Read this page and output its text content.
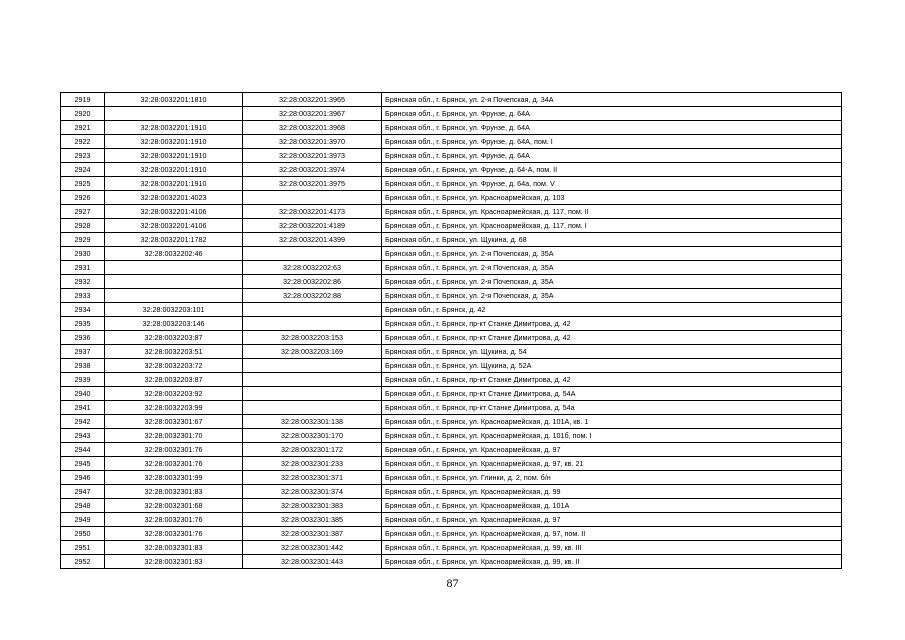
2919	32:28:0032201:1810	32:28:0032201:3965	Брянская обл., г. Брянск, ул. 2-я Почепская, д. 34А
2920		32:28:0032201:3967	Брянская обл., г. Брянск, ул. Фрунзе, д. 64А
2921	32:28:0032201:1910	32:28:0032201:3968	Брянская обл., г. Брянск, ул. Фрунзе, д. 64А
2922	32:28:0032201:1910	32:28:0032201:3970	Брянская обл., г. Брянск, ул. Фрунзе, д. 64А, пом. I
2923	32:28:0032201:1910	32:28:0032201:3973	Брянская обл., г. Брянск, ул. Фрунзе, д. 64А
2924	32:28:0032201:1910	32:28:0032201:3974	Брянская обл., г. Брянск, ул. Фрунзе, д. 64-А, пом. II
2925	32:28:0032201:1910	32:28:0032201:3975	Брянская обл., г. Брянск, ул. Фрунзе, д. 64а, пом. V
2926	32:28:0032201:4023		Брянская обл., г. Брянск, ул. Красноармейская, д. 103
2927	32:28:0032201:4106	32:28:0032201:4173	Брянская обл., г. Брянск, ул. Красноармейская, д. 117, пом. II
2928	32:28:0032201:4106	32:28:0032201:4189	Брянская обл., г. Брянск, ул. Красноармейская, д. 117, пом. I
2929	32:28:0032201:1782	32:28:0032201:4399	Брянская обл., г. Брянск, ул. Щукина, д. 68
2930	32:28:0032202:46		Брянская обл., г. Брянск, ул. 2-я Почепская, д. 35А
2931		32:28:0032202:63	Брянская обл., г. Брянск, ул. 2-я Почепская, д. 35А
2932		32:28:0032202:86	Брянская обл., г. Брянск, ул. 2-я Почепская, д. 35А
2933		32:28:0032202:88	Брянская обл., г. Брянск, ул. 2-я Почепская, д. 35А
2934	32:28:0032203:101		Брянская обл., г. Брянск, д. 42
2935	32:28:0032203:146		Брянская обл., г. Брянск, пр-кт Станке Димитрова, д. 42
2936	32:28:0032203:87	32:28:0032203:153	Брянская обл., г. Брянск, пр-кт Станке Димитрова, д. 42
2937	32:28:0032203:51	32:28:0032203:169	Брянская обл., г. Брянск, ул. Щукина, д. 54
2938	32:28:0032203:72		Брянская обл., г. Брянск, ул. Щукина, д. 52А
2939	32:28:0032203:87		Брянская обл., г. Брянск, пр-кт Станке Димитрова, д. 42
2940	32:28:0032203:92		Брянская обл., г. Брянск, пр-кт Станке Димитрова, д. 54А
2941	32:28:0032203:99		Брянская обл., г. Брянск, пр-кт Станке Димитрова, д. 54а
2942	32:28:0032301:67	32:28:0032301:138	Брянская обл., г. Брянск, ул. Красноармейская, д. 101А, кв. 1
2943	32:28:0032301:70	32:28:0032301:170	Брянская обл., г. Брянск, ул. Красноармейская, д. 101б, пом. I
2944	32:28:0032301:76	32:28:0032301:172	Брянская обл., г. Брянск, ул. Красноармейская, д. 97
2945	32:28:0032301:76	32:28:0032301:233	Брянская обл., г. Брянск, ул. Красноармейская, д. 97, кв. 21
2946	32:28:0032301:99	32:28:0032301:371	Брянская обл., г. Брянск, ул. Глинки, д. 2, пом. б/н
2947	32:28:0032301:83	32:28:0032301:374	Брянская обл., г. Брянск, ул. Красноармейская, д. 99
2948	32:28:0032301:68	32:28:0032301:383	Брянская обл., г. Брянск, ул. Красноармейская, д. 101А
2949	32:28:0032301:76	32:28:0032301:385	Брянская обл., г. Брянск, ул. Красноармейская, д. 97
2950	32:28:0032301:76	32:28:0032301:387	Брянская обл., г. Брянск, ул. Красноармейская, д. 97, пом. II
2951	32:28:0032301:83	32:28:0032301:442	Брянская обл., г. Брянск, ул. Красноармейская, д. 99, кв. III
2952	32:28:0032301:83	32:28:0032301:443	Брянская обл., г. Брянск, ул. Красноармейская, д. 99, кв. II
87
